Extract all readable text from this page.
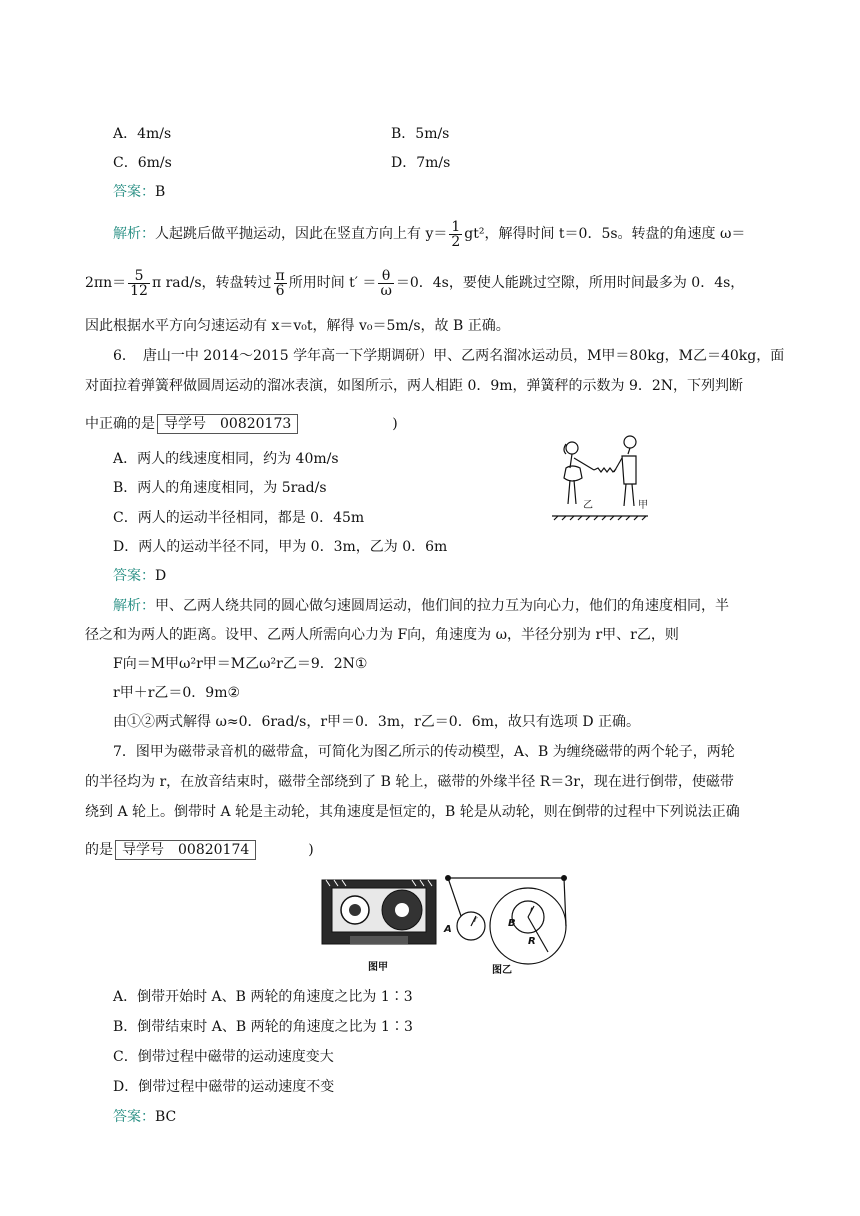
A．4m/s	B．5m/s
C．6m/s	D．7m/s
答案：B
解析：人起跳后做平抛运动，因此在竖直方向上有 $y= \frac{1}{2} gt^2$，解得时间 t＝0．5s。转盘的角速度 ω＝
$2\pi n= \frac{5}{12}$ π rad/s，转盘转过 $\frac{\pi}{6}$ 所用时间 $t' = \frac{\theta}{\omega} =0$．4s，要使人能跳过空隙，所用时间最多为 0．4s，
因此根据水平方向匀速运动有 x＝v₀t，解得 v₀＝5m/s，故 B 正确。
6．　唐山一中 2014～2015 学年高一下学期调研）甲、乙两名溜冰运动员，M甲＝80kg，M乙＝40kg，面
对面拉着弹簧秤做圆周运动的溜冰表演，如图所示，两人相距 0．9m，弹簧秤的示数为 9．2N，下列判断
中正确的是 导学号　00820173	)
A．两人的线速度相同，约为 40m/s
B．两人的角速度相同，为 5rad/s
C．两人的运动半径相同，都是 0．45m
D．两人的运动半径不同，甲为 0．3m，乙为 0．6m
乙	甲
答案：D
解析：甲、乙两人绕共同的圆心做匀速圆周运动，他们间的拉力互为向心力，他们的角速度相同，半
径之和为两人的距离。设甲、乙两人所需向心力为 F向，角速度为 ω，半径分别为 r甲、r乙，则
F向＝M甲ω²r甲＝M乙ω²r乙＝9．2N①
r甲＋r乙＝0．9m②
由①②两式解得 ω≈0．6rad/s，r甲＝0．3m，r乙＝0．6m，故只有选项 D 正确。
7．图甲为磁带录音机的磁带盒，可简化为图乙所示的传动模型，A、B 为缠绕磁带的两个轮子，两轮
的半径均为 r，在放音结束时，磁带全部绕到了 B 轮上，磁带的外缘半径 R＝3r，现在进行倒带，使磁带
绕到 A 轮上。倒带时 A 轮是主动轮，其角速度是恒定的，B 轮是从动轮，则在倒带的过程中下列说法正确
的是 导学号　00820174	)
图甲
A
B
r
r
R
图乙
A．倒带开始时 A、B 两轮的角速度之比为 1∶3
B．倒带结束时 A、B 两轮的角速度之比为 1∶3
C．倒带过程中磁带的运动速度变大
D．倒带过程中磁带的运动速度不变
答案：BC
